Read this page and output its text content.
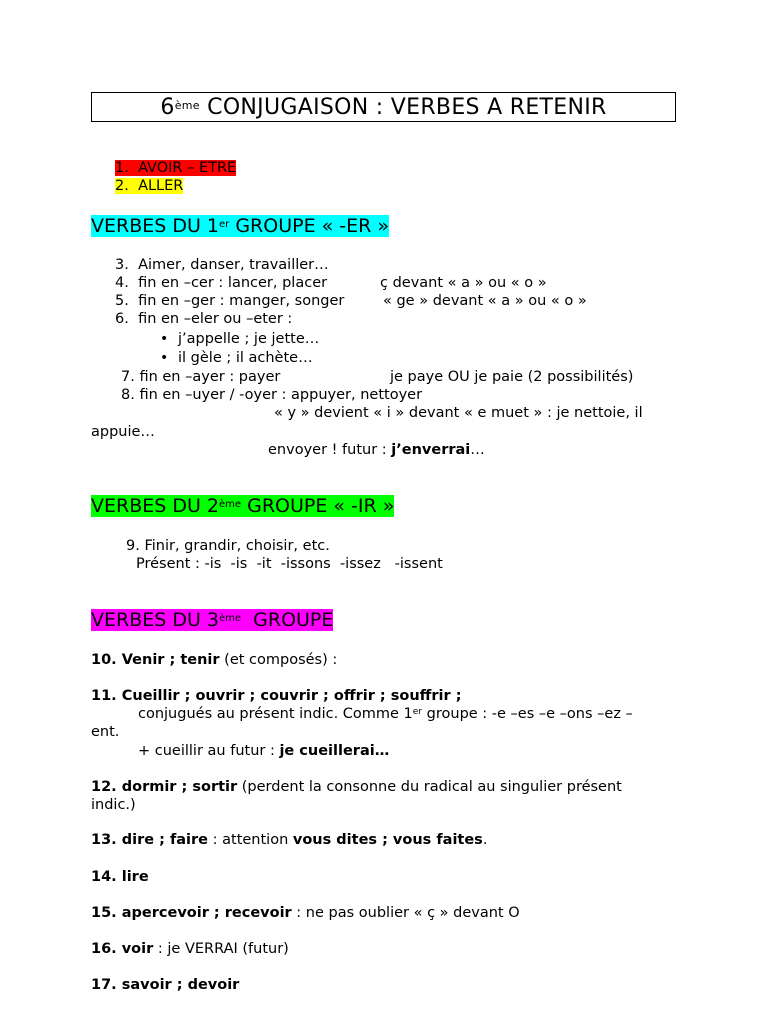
6ème CONJUGAISON : VERBES A RETENIR
1. AVOIR – ETRE
2. ALLER
VERBES DU 1er GROUPE « -ER »
3. Aimer, danser, travailler…
4. fin en –cer : lancer, placer	ç devant « a » ou « o »
5. fin en –ger : manger, songer	« ge » devant « a » ou « o »
6. fin en –eler ou –eter :
• j’appelle ; je jette…
• il gèle ; il achète…
7. fin en –ayer : payer	je paye OU je paie (2 possibilités)
8. fin en –uyer / -oyer : appuyer, nettoyer
« y » devient « i » devant « e muet » : je nettoie, il
appuie…
envoyer ! futur : j’enverrai…
VERBES DU 2ème GROUPE « -IR »
9. Finir, grandir, choisir, etc.
Présent : -is  -is  -it  -issons  -issez   -issent
VERBES DU 3ème  GROUPE
10. Venir ; tenir (et composés) :
11. Cueillir ; ouvrir ; couvrir ; offrir ; souffrir ;
conjugués au présent indic. Comme 1er groupe : -e –es –e –ons –ez –
ent.
+ cueillir au futur : je cueillerai…
12. dormir ; sortir (perdent la consonne du radical au singulier présent
indic.)
13. dire ; faire : attention vous dites ; vous faites.
14. lire
15. apercevoir ; recevoir : ne pas oublier « ç » devant O
16. voir : je VERRAI (futur)
17. savoir ; devoir
